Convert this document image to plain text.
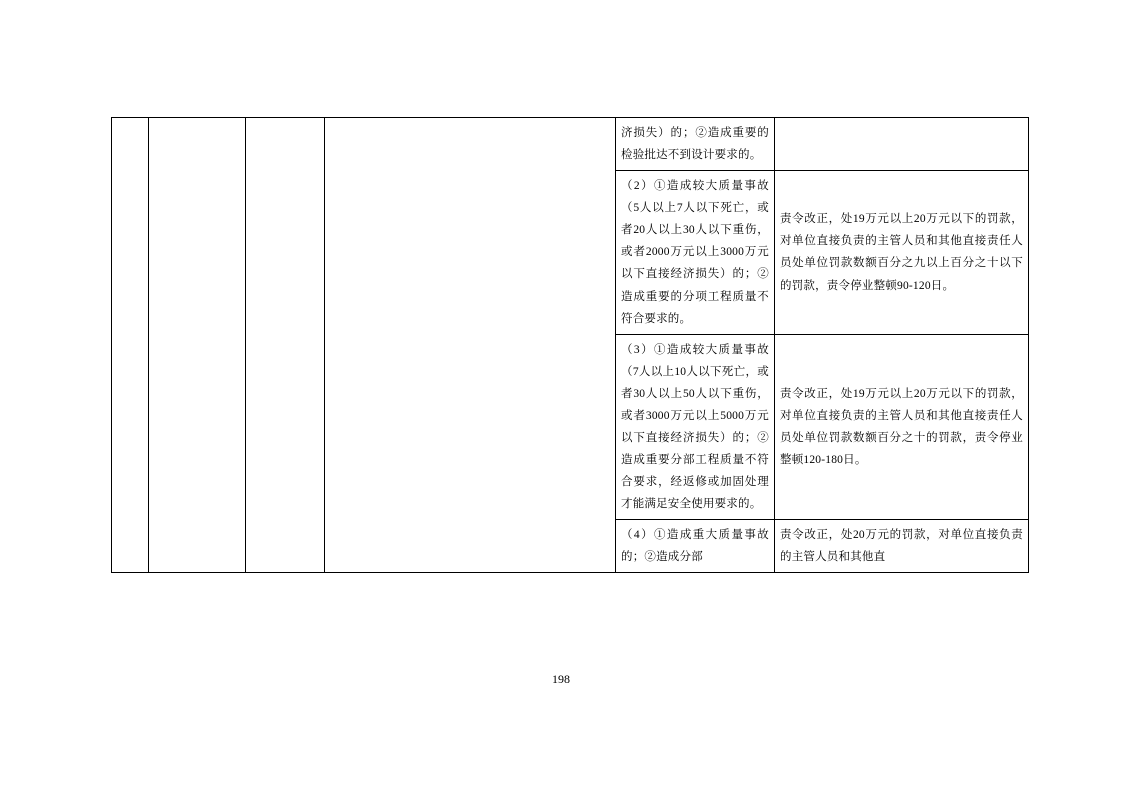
				济损失）的；②造成重要的检验批达不到设计要求的。	

				（2）①造成较大质量事故（5人以上7人以下死亡，或者20人以上30人以下重伤，或者2000万元以上3000万元以下直接经济损失）的；②造成重要的分项工程质量不符合要求的。	责令改正，处19万元以上20万元以下的罚款，对单位直接负责的主管人员和其他直接责任人员处单位罚款数额百分之九以上百分之十以下的罚款，责令停业整顿90-120日。

				（3）①造成较大质量事故（7人以上10人以下死亡，或者30人以上50人以下重伤，或者3000万元以上5000万元以下直接经济损失）的；②造成重要分部工程质量不符合要求，经返修或加固处理才能满足安全使用要求的。	责令改正，处19万元以上20万元以下的罚款，对单位直接负责的主管人员和其他直接责任人员处单位罚款数额百分之十的罚款，责令停业整顿120-180日。

				（4）①造成重大质量事故的；②造成分部	责令改正，处20万元的罚款，对单位直接负责的主管人员和其他直
198
